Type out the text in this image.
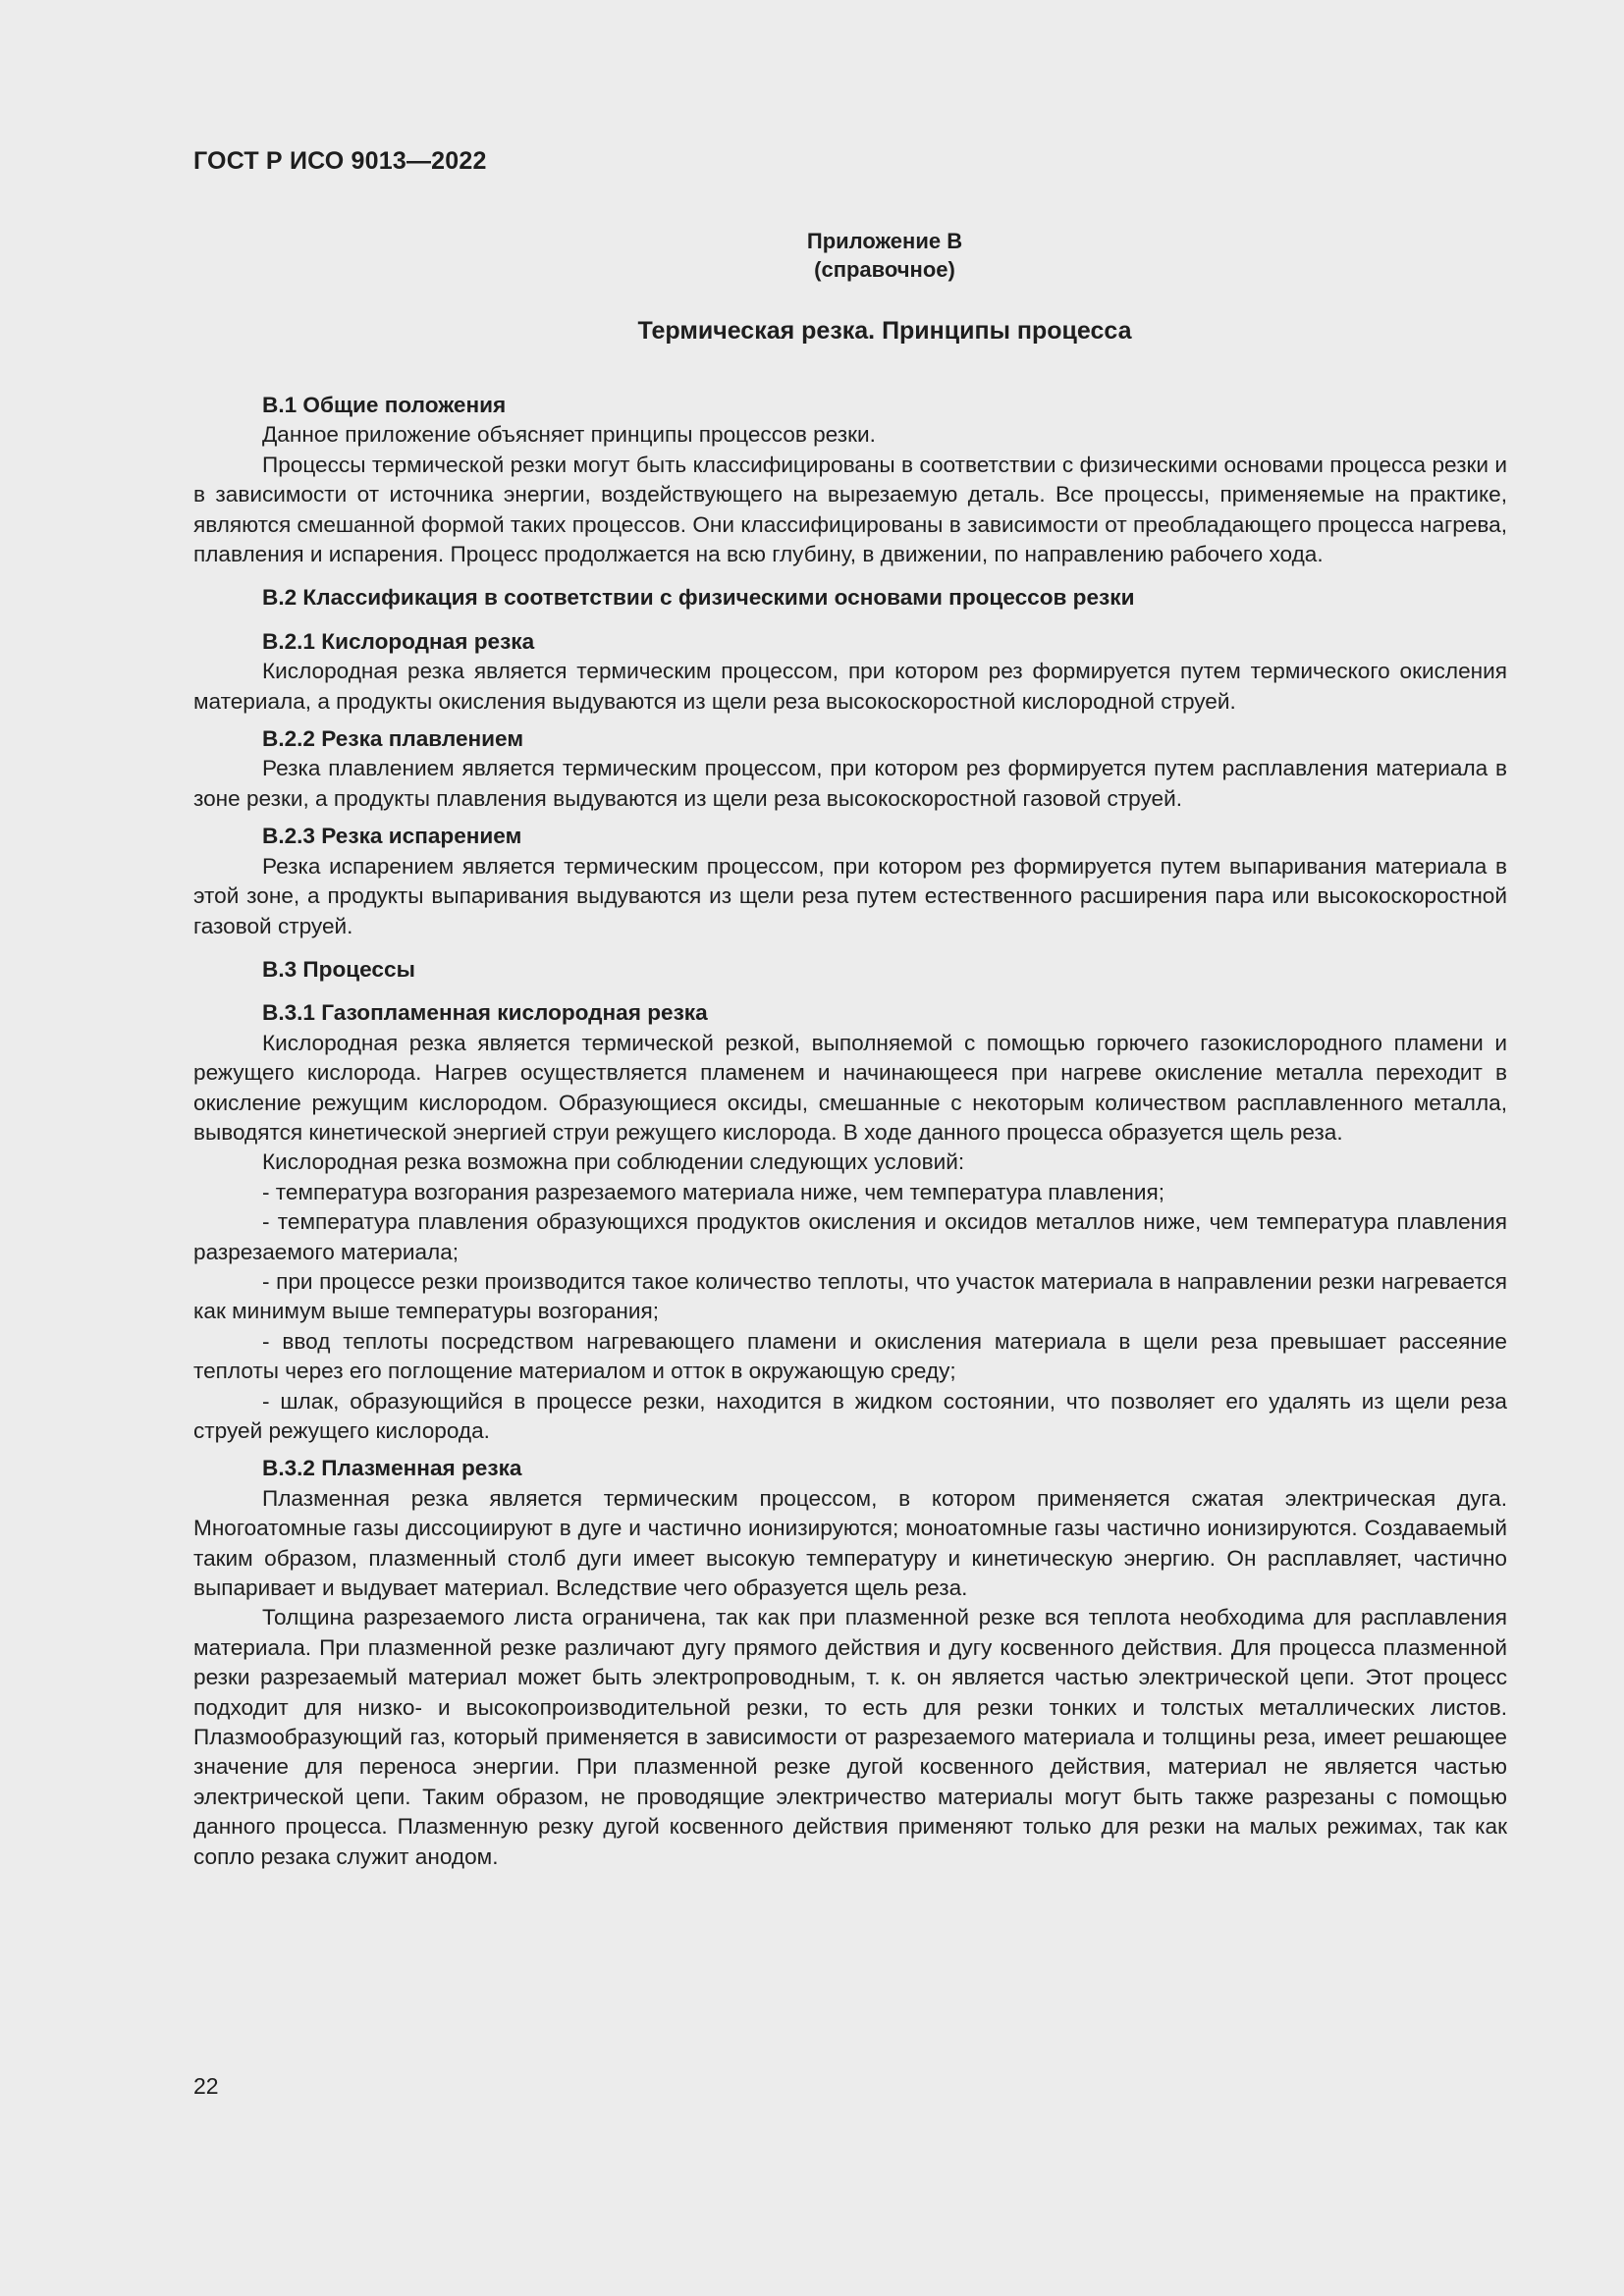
ГОСТ Р ИСО 9013—2022
Приложение В
(справочное)
Термическая резка. Принципы процесса
В.1 Общие положения

Данное приложение объясняет принципы процессов резки.

Процессы термической резки могут быть классифицированы в соответствии с физическими основами процесса резки и в зависимости от источника энергии, воздействующего на вырезаемую деталь. Все процессы, применяемые на практике, являются смешанной формой таких процессов. Они классифицированы в зависимости от преобладающего процесса нагрева, плавления и испарения. Процесс продолжается на всю глубину, в движении, по направлению рабочего хода.

В.2 Классификация в соответствии с физическими основами процессов резки
В.2.1 Кислородная резка

Кислородная резка является термическим процессом, при котором рез формируется путем термического окисления материала, а продукты окисления выдуваются из щели реза высокоскоростной кислородной струей.

В.2.2 Резка плавлением

Резка плавлением является термическим процессом, при котором рез формируется путем расплавления материала в зоне резки, а продукты плавления выдуваются из щели реза высокоскоростной газовой струей.

В.2.3 Резка испарением

Резка испарением является термическим процессом, при котором рез формируется путем выпаривания материала в этой зоне, а продукты выпаривания выдуваются из щели реза путем естественного расширения пара или высокоскоростной газовой струей.

В.3 Процессы
В.3.1 Газопламенная кислородная резка

Кислородная резка является термической резкой, выполняемой с помощью горючего газокислородного пламени и режущего кислорода. Нагрев осуществляется пламенем и начинающееся при нагреве окисление металла переходит в окисление режущим кислородом. Образующиеся оксиды, смешанные с некоторым количеством расплавленного металла, выводятся кинетической энергией струи режущего кислорода. В ходе данного процесса образуется щель реза.

Кислородная резка возможна при соблюдении следующих условий:

- температура возгорания разрезаемого материала ниже, чем температура плавления;

- температура плавления образующихся продуктов окисления и оксидов металлов ниже, чем температура плавления разрезаемого материала;

- при процессе резки производится такое количество теплоты, что участок материала в направлении резки нагревается как минимум выше температуры возгорания;

- ввод теплоты посредством нагревающего пламени и окисления материала в щели реза превышает рассеяние теплоты через его поглощение материалом и отток в окружающую среду;

- шлак, образующийся в процессе резки, находится в жидком состоянии, что позволяет его удалять из щели реза струей режущего кислорода.

В.3.2 Плазменная резка

Плазменная резка является термическим процессом, в котором применяется сжатая электрическая дуга. Многоатомные газы диссоциируют в дуге и частично ионизируются; моноатомные газы частично ионизируются. Создаваемый таким образом, плазменный столб дуги имеет высокую температуру и кинетическую энергию. Он расплавляет, частично выпаривает и выдувает материал. Вследствие чего образуется щель реза.

Толщина разрезаемого листа ограничена, так как при плазменной резке вся теплота необходима для расплавления материала. При плазменной резке различают дугу прямого действия и дугу косвенного действия. Для процесса плазменной резки разрезаемый материал может быть электропроводным, т. к. он является частью электрической цепи. Этот процесс подходит для низко- и высокопроизводительной резки, то есть для резки тонких и толстых металлических листов. Плазмообразующий газ, который применяется в зависимости от разрезаемого материала и толщины реза, имеет решающее значение для переноса энергии. При плазменной резке дугой косвенного действия, материал не является частью электрической цепи. Таким образом, не проводящие электричество материалы могут быть также разрезаны с помощью данного процесса. Плазменную резку дугой косвенного действия применяют только для резки на малых режимах, так как сопло резака служит анодом.

22
